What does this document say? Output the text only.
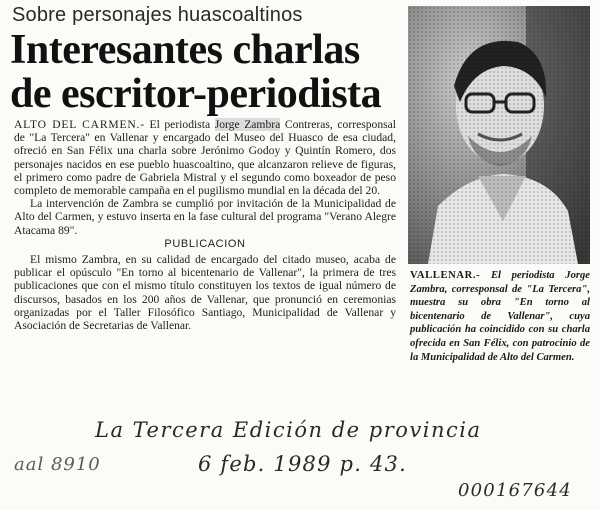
Sobre personajes huascoaltinos
Interesantes charlas
de escritor-periodista

ALTO DEL CARMEN.- El periodista Jorge Zambra Contreras, corresponsal de "La Tercera" en Vallenar y encargado del Museo del Huasco de esa ciudad, ofreció en San Félix una charla sobre Jerónimo Godoy y Quintín Romero, dos personajes nacidos en ese pueblo huascoaltino, que alcanzaron relieve de figuras, el primero como padre de Gabriela Mistral y el segundo como boxeador de peso completo de memorable campaña en el pugilismo mundial en la década del 20.

La intervención de Zambra se cumplió por invitación de la Municipalidad de Alto del Carmen, y estuvo inserta en la fase cultural del programa "Verano Alegre Atacama 89".

PUBLICACION

El mismo Zambra, en su calidad de encargado del citado museo, acaba de publicar el opúsculo "En torno al bicentenario de Vallenar", la primera de tres publicaciones que con el mismo título constituyen los textos de igual número de discursos, basados en los 200 años de Vallenar, que pronunció en ceremonias organizadas por el Taller Filosófico Santiago, Municipalidad de Vallenar y Asociación de Secretarias de Vallenar.

VALLENAR.- El periodista Jorge Zambra, corresponsal de "La Tercera", muestra su obra "En torno al bicentenario de Vallenar", cuya publicación ha coincidido con su charla ofrecida en San Félix, con patrocinio de la Municipalidad de Alto del Carmen.
La Tercera Edición de provincia
6 feb. 1989 p. 43.
aal 8910
000167644
